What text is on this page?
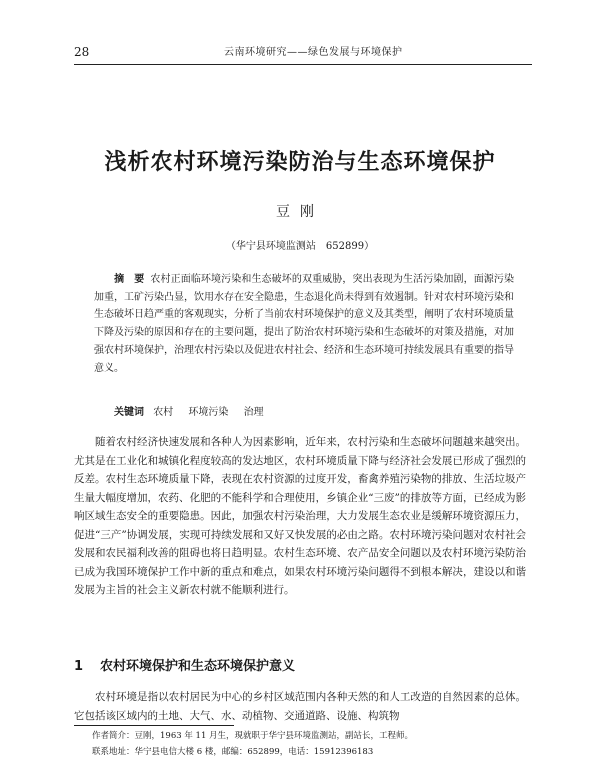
28	云南环境研究——绿色发展与环境保护
浅析农村环境污染防治与生态环境保护
豆刚
（华宁县环境监测站　652899）

摘　要 农村正面临环境污染和生态破坏的双重威胁，突出表现为生活污染加剧，面源污染加重，工矿污染凸显，饮用水存在安全隐患，生态退化尚未得到有效遏制。针对农村环境污染和生态破坏日趋严重的客观现实，分析了当前农村环境保护的意义及其类型，阐明了农村环境质量下降及污染的原因和存在的主要问题，提出了防治农村环境污染和生态破坏的对策及措施，对加强农村环境保护，治理农村污染以及促进农村社会、经济和生态环境可持续发展具有重要的指导意义。

关键词 农村 环境污染 治理

随着农村经济快速发展和各种人为因素影响，近年来，农村污染和生态破坏问题越来越突出。尤其是在工业化和城镇化程度较高的发达地区，农村环境质量下降与经济社会发展已形成了强烈的反差。农村生态环境质量下降，表现在农村资源的过度开发，畜禽养殖污染物的排放、生活垃圾产生量大幅度增加，农药、化肥的不能科学和合理使用，乡镇企业“三废”的排放等方面，已经成为影响区域生态安全的重要隐患。因此，加强农村污染治理，大力发展生态农业是缓解环境资源压力，促进“三产”协调发展，实现可持续发展和又好又快发展的必由之路。农村环境污染问题对农村社会发展和农民福利改善的阻碍也将日趋明显。农村生态环境、农产品安全问题以及农村环境污染防治已成为我国环境保护工作中新的重点和难点，如果农村环境污染问题得不到根本解决，建设以和谐发展为主旨的社会主义新农村就不能顺利进行。

1 农村环境保护和生态环境保护意义

农村环境是指以农村居民为中心的乡村区域范围内各种天然的和人工改造的自然因素的总体。它包括该区域内的土地、大气、水、动植物、交通道路、设施、构筑物

作者简介：豆刚，1963 年 11 月生，現就职于华宁县环境监测站，副站长，工程师。
联系地址：华宁县电信大楼 6 楼，邮编：652899，电话：15912396183
